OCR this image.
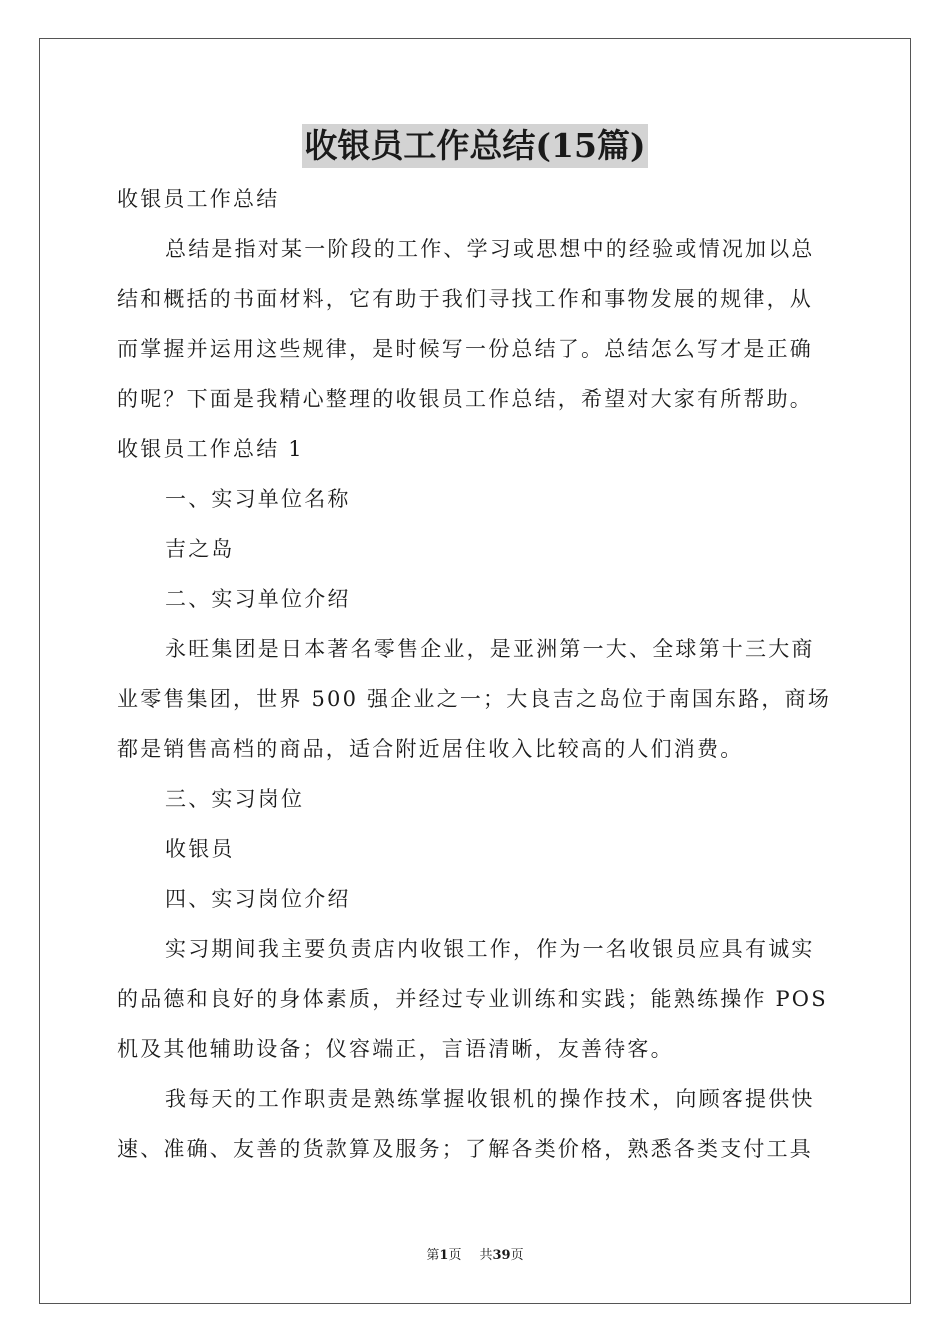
收银员工作总结(15篇)
收银员工作总结
总结是指对某一阶段的工作、学习或思想中的经验或情况加以总
结和概括的书面材料，它有助于我们寻找工作和事物发展的规律，从
而掌握并运用这些规律，是时候写一份总结了。总结怎么写才是正确
的呢？下面是我精心整理的收银员工作总结，希望对大家有所帮助。
收银员工作总结 1
一、实习单位名称
吉之岛
二、实习单位介绍
永旺集团是日本著名零售企业，是亚洲第一大、全球第十三大商
业零售集团，世界 500 强企业之一；大良吉之岛位于南国东路，商场
都是销售高档的商品，适合附近居住收入比较高的人们消费。
三、实习岗位
收银员
四、实习岗位介绍
实习期间我主要负责店内收银工作，作为一名收银员应具有诚实
的品德和良好的身体素质，并经过专业训练和实践；能熟练操作 POS
机及其他辅助设备；仪容端正，言语清晰，友善待客。
我每天的工作职责是熟练掌握收银机的操作技术，向顾客提供快
速、准确、友善的货款算及服务；了解各类价格，熟悉各类支付工具
第1页 共39页
